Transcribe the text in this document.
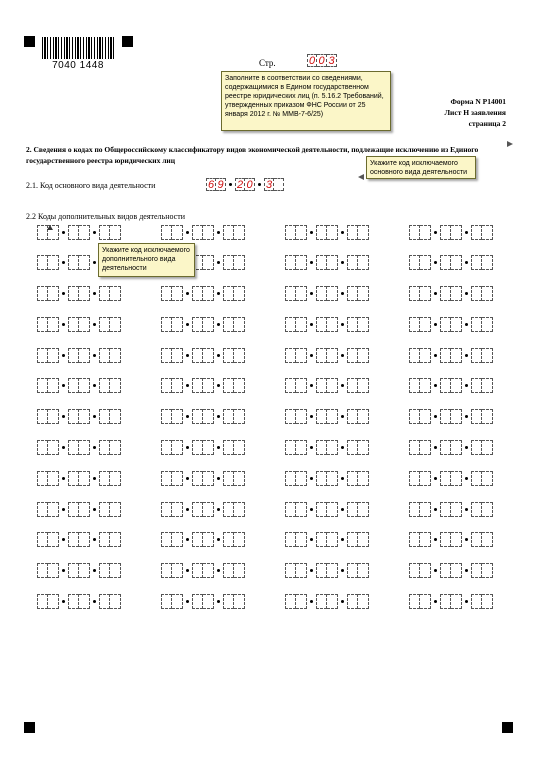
7040 1448	Стр.	0 0 3
Заполните в соответствии со сведениями, содержащимися в Едином государственном реестре юридических лиц (п. 5.16.2 Требований, утвержденных приказом ФНС России от 25 января 2012 г. № ММВ-7-6/25)
Форма N Р14001
Лист Н заявления
страница 2
2. Сведения о кодах по Общероссийскому классификатору видов экономической деятельности, подлежащие исключению из Единого государственного реестра юридических лиц	Укажите код исключаемого основного вида деятельности
2.1. Код основного вида деятельности	6 9 2 0 3
2.2 Коды дополнительных видов деятельности
Укажите код исключаемого дополнительного вида деятельности
